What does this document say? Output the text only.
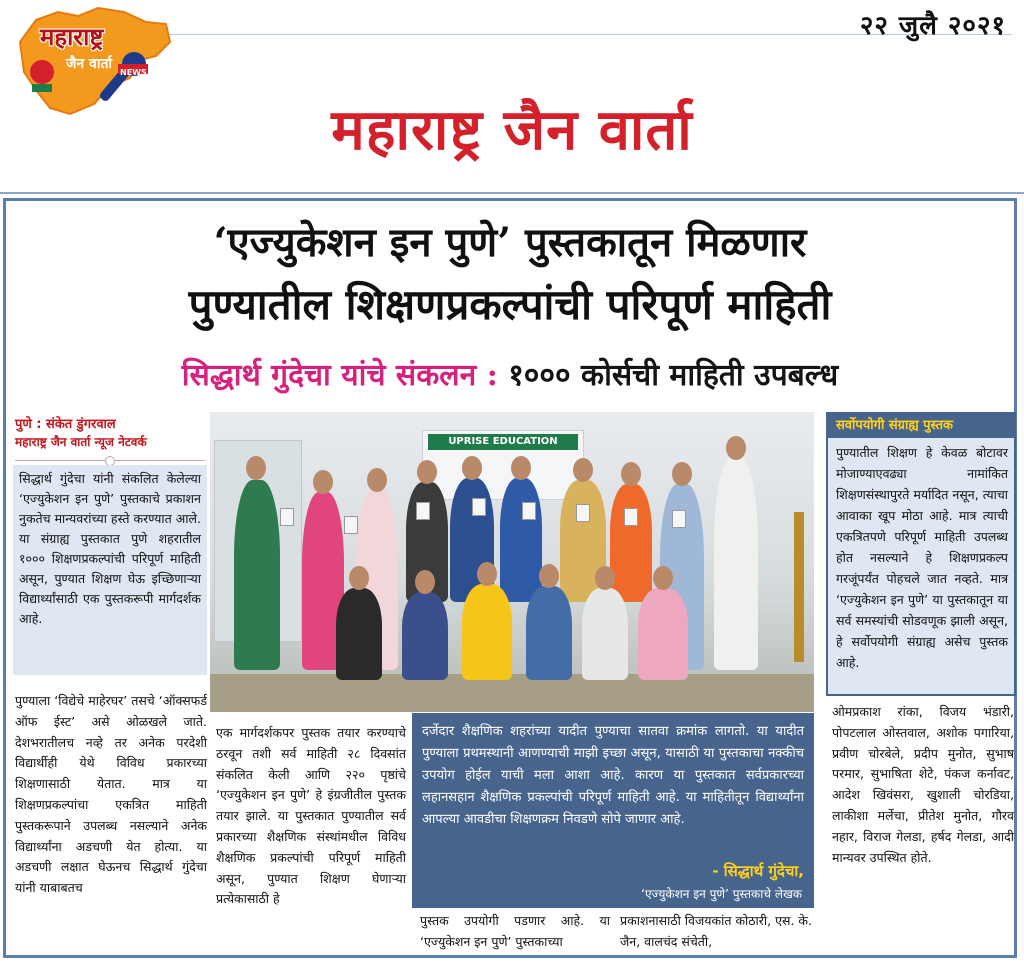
२२ जुलै २०२१
महाराष्ट्र
जैन वार्ता
NEWS
महाराष्ट्र जैन वार्ता
‘एज्युकेशन इन पुणे’ पुस्तकातून मिळणार
पुण्यातील शिक्षणप्रकल्पांची परिपूर्ण माहिती
सिद्धार्थ गुंदेचा यांचे संकलन : १००० कोर्सची माहिती उपबल्ध
पुणे : संकेत डुंगरवाल
महाराष्ट्र जैन वार्ता न्यूज नेटवर्क
सिद्धार्थ गुंदेचा यांनी संकलित केलेल्या ‘एज्युकेशन इन पुणे’ पुस्तकाचे प्रकाशन नुकतेच मान्यवरांच्या हस्ते करण्यात आले. या संग्राह्य पुस्तकात पुणे शहरातील १००० शिक्षणप्रकल्पांची परिपूर्ण माहिती असून, पुण्यात शिक्षण घेऊ इच्छिणाऱ्या विद्यार्थ्यांसाठी एक पुस्तकरूपी मार्गदर्शक आहे.
पुण्याला ‘विद्येचे माहेरघर’ तसचे ‘ऑक्सफर्ड ऑफ ईस्ट’ असे ओळखले जाते. देशभरातीलच नव्हे तर अनेक परदेशी विद्यार्थीही येथे विविध प्रकारच्या शिक्षणासाठी येतात. मात्र या शिक्षणप्रकल्पांचा एकत्रित माहिती पुस्तकरूपाने उपलब्ध नसल्याने अनेक विद्यार्थ्यांना अडचणी येत होत्या. या अडचणी लक्षात घेऊनच सिद्धार्थ गुंदेचा यांनी याबाबतच
एक मार्गदर्शकपर पुस्तक तयार करण्याचे ठरवून तशी सर्व माहिती २८ दिवसांत संकलित केली आणि २२० पृष्ठांचे ‘एज्युकेशन इन पुणे’ हे इंग्रजीतील पुस्तक तयार झाले. या पुस्तकात पुण्यातील सर्व प्रकारच्या शैक्षणिक संस्थांमधील विविध शैक्षणिक प्रकल्पांची परिपूर्ण माहिती असून, पुण्यात शिक्षण घेणाऱ्या प्रत्येकासाठी हे
पुस्तक उपयोगी पडणार आहे. या ‘एज्युकेशन इन पुणे’ पुस्तकाच्या
प्रकाशनासाठी विजयकांत कोठारी, एस. के. जैन, वालचंद संचेती,
ओमप्रकाश रांका, विजय भंडारी, पोपटलाल ओस्तवाल, अशोक पगारिया, प्रवीण चोरबेले, प्रदीप मुनोत, सुभाष परमार, सुभाषिता शेटे, पंकज कर्नावट, आदेश खिवंसरा, खुशाली चोरडिया, लाकीशा मर्लेचा, प्रीतेश मुनोत, गौरव नहार, विराज गेलडा, हर्षद गेलडा, आदी मान्यवर उपस्थित होते.
UPRISE EDUCATION
दर्जेदार शैक्षणिक शहरांच्या यादीत पुण्याचा सातवा क्रमांक लागतो. या यादीत पुण्याला प्रथमस्थानी आणण्याची माझी इच्छा असून, यासाठी या पुस्तकाचा नक्कीच उपयोग होईल याची मला आशा आहे. कारण या पुस्तकात सर्वप्रकारच्या लहानसहान शैक्षणिक प्रकल्पांची परिपूर्ण माहिती आहे. या माहितीतून विद्यार्थ्यांना आपल्या आवडीचा शिक्षणक्रम निवडणे सोपे जाणार आहे.
- सिद्धार्थ गुंदेचा,
‘एज्युकेशन इन पुणे’ पुस्तकाचे लेखक
सर्वोपयोगी संग्राह्य पुस्तक
पुण्यातील शिक्षण हे केवळ बोटावर मोजाण्याएवढ्या नामांकित शिक्षणसंस्थापुरते मर्यादित नसून, त्याचा आवाका खूप मोठा आहे. मात्र त्याची एकत्रितपणे परिपूर्ण माहिती उपलब्ध होत नसल्याने हे शिक्षणप्रकल्प गरजूंपर्यंत पोहचले जात नव्हते. मात्र ‘एज्युकेशन इन पुणे’ या पुस्तकातून या सर्व समस्यांची सोडवणूक झाली असून, हे सर्वोपयोगी संग्राह्य असेच पुस्तक आहे.
